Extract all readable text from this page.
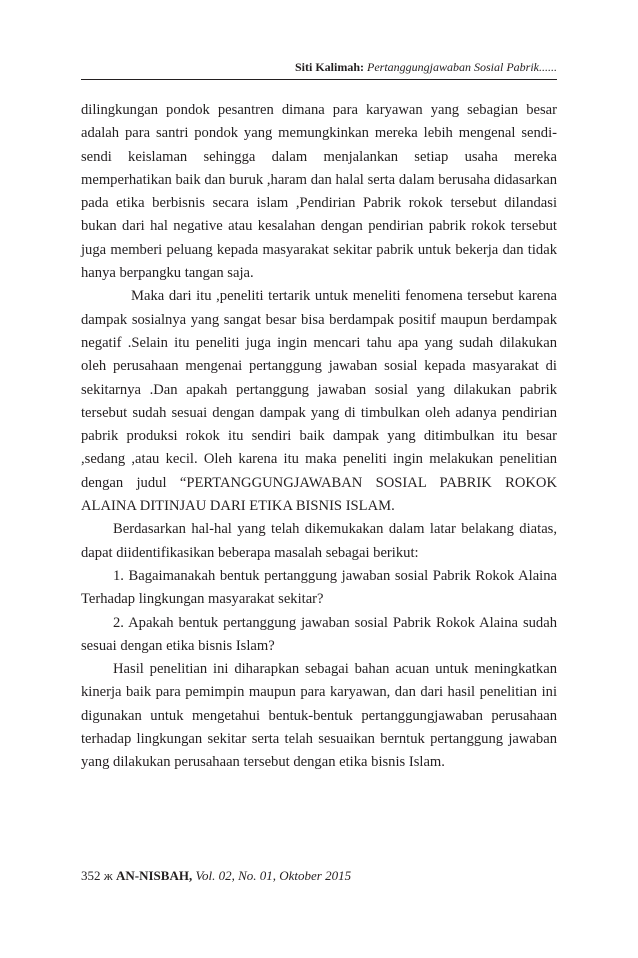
Siti Kalimah: Pertanggungjawaban Sosial Pabrik......

dilingkungan pondok pesantren dimana para karyawan yang sebagian besar adalah para santri pondok yang memungkinkan mereka lebih mengenal sendi-sendi keislaman sehingga dalam menjalankan setiap usaha mereka memperhatikan baik dan buruk ,haram dan halal serta dalam berusaha didasarkan pada etika berbisnis secara islam ,Pendirian Pabrik rokok tersebut dilandasi bukan dari hal negative atau kesalahan dengan pendirian pabrik rokok tersebut juga memberi peluang kepada masyarakat sekitar pabrik untuk bekerja dan tidak hanya berpangku tangan saja.

Maka dari itu ,peneliti tertarik untuk meneliti fenomena tersebut karena dampak sosialnya yang sangat besar bisa berdampak positif maupun berdampak negatif .Selain itu peneliti juga ingin mencari tahu apa yang sudah dilakukan oleh perusahaan mengenai pertanggung jawaban sosial kepada masyarakat di sekitarnya .Dan apakah pertanggung jawaban sosial yang dilakukan pabrik tersebut sudah sesuai dengan dampak yang di timbulkan oleh adanya pendirian pabrik produksi rokok itu sendiri baik dampak yang ditimbulkan itu besar ,sedang ,atau kecil. Oleh karena itu maka peneliti ingin melakukan penelitian dengan judul “PERTANGGUNGJAWABAN SOSIAL PABRIK ROKOK ALAINA DITINJAU DARI ETIKA BISNIS ISLAM.

Berdasarkan hal-hal yang telah dikemukakan dalam latar belakang diatas, dapat diidentifikasikan beberapa masalah sebagai berikut:

1. Bagaimanakah bentuk pertanggung jawaban sosial Pabrik Rokok Alaina Terhadap lingkungan masyarakat sekitar?

2. Apakah bentuk pertanggung jawaban sosial Pabrik Rokok Alaina sudah sesuai dengan etika bisnis Islam?

Hasil penelitian ini diharapkan sebagai bahan acuan untuk meningkatkan kinerja baik para pemimpin maupun para karyawan, dan dari hasil penelitian ini digunakan untuk mengetahui bentuk-bentuk pertanggungjawaban perusahaan terhadap lingkungan sekitar serta telah sesuaikan berntuk pertanggung jawaban yang dilakukan perusahaan tersebut dengan etika bisnis Islam.

352 ж AN-NISBAH, Vol. 02, No. 01, Oktober 2015
